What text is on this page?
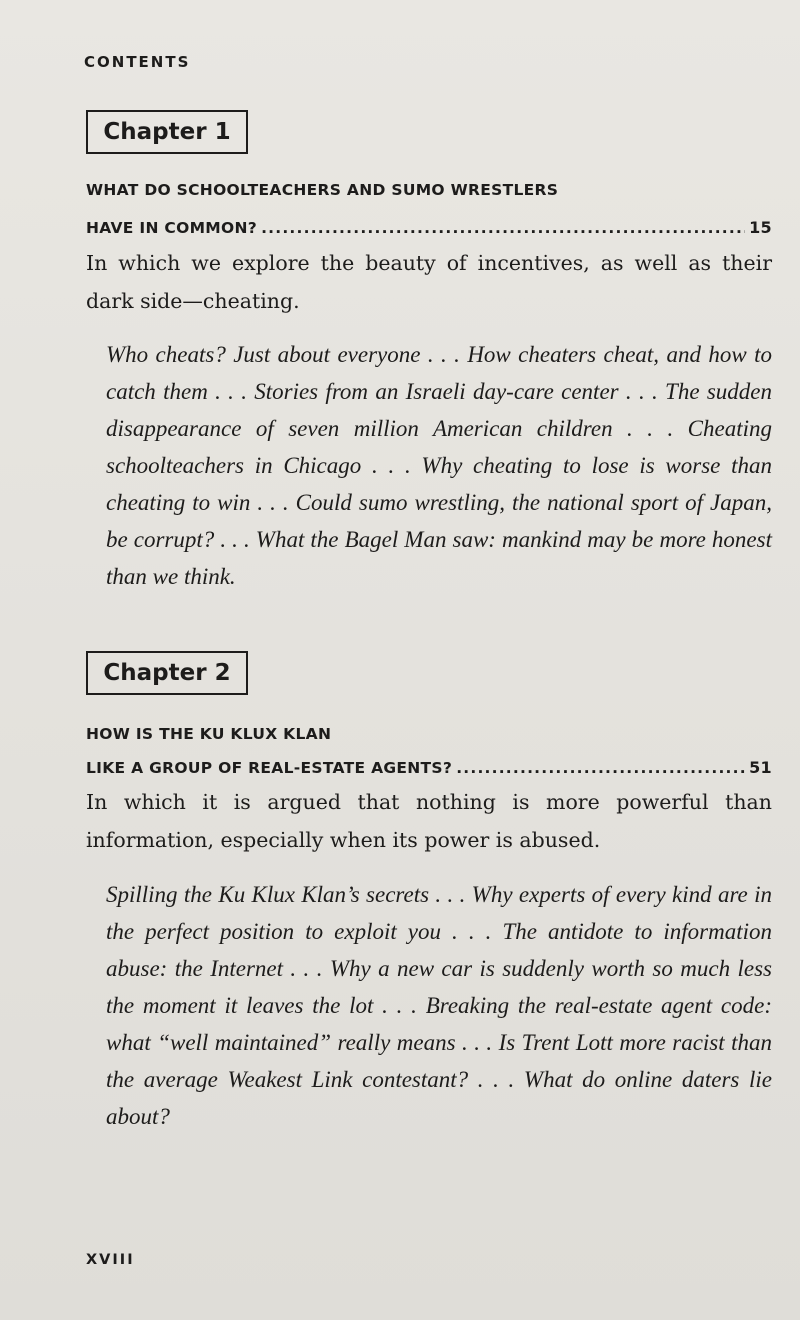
CONTENTS
Chapter 1
WHAT DO SCHOOLTEACHERS AND SUMO WRESTLERS
HAVE IN COMMON? .....	15
In which we explore the beauty of incentives, as well as their dark side—cheating.
Who cheats? Just about everyone . . . How cheaters cheat, and how to catch them . . . Stories from an Israeli day-care center . . . The sudden disappearance of seven million American children . . . Cheating schoolteachers in Chicago . . . Why cheating to lose is worse than cheating to win . . . Could sumo wrestling, the national sport of Japan, be corrupt? . . . What the Bagel Man saw: mankind may be more honest than we think.
Chapter 2
HOW IS THE KU KLUX KLAN
LIKE A GROUP OF REAL-ESTATE AGENTS? .....	51
In which it is argued that nothing is more powerful than information, especially when its power is abused.
Spilling the Ku Klux Klan’s secrets . . . Why experts of every kind are in the perfect position to exploit you . . . The antidote to information abuse: the Internet . . . Why a new car is suddenly worth so much less the moment it leaves the lot . . . Breaking the real-estate agent code: what “well maintained” really means . . . Is Trent Lott more racist than the average Weakest Link contestant? . . . What do online daters lie about?
XVIII
